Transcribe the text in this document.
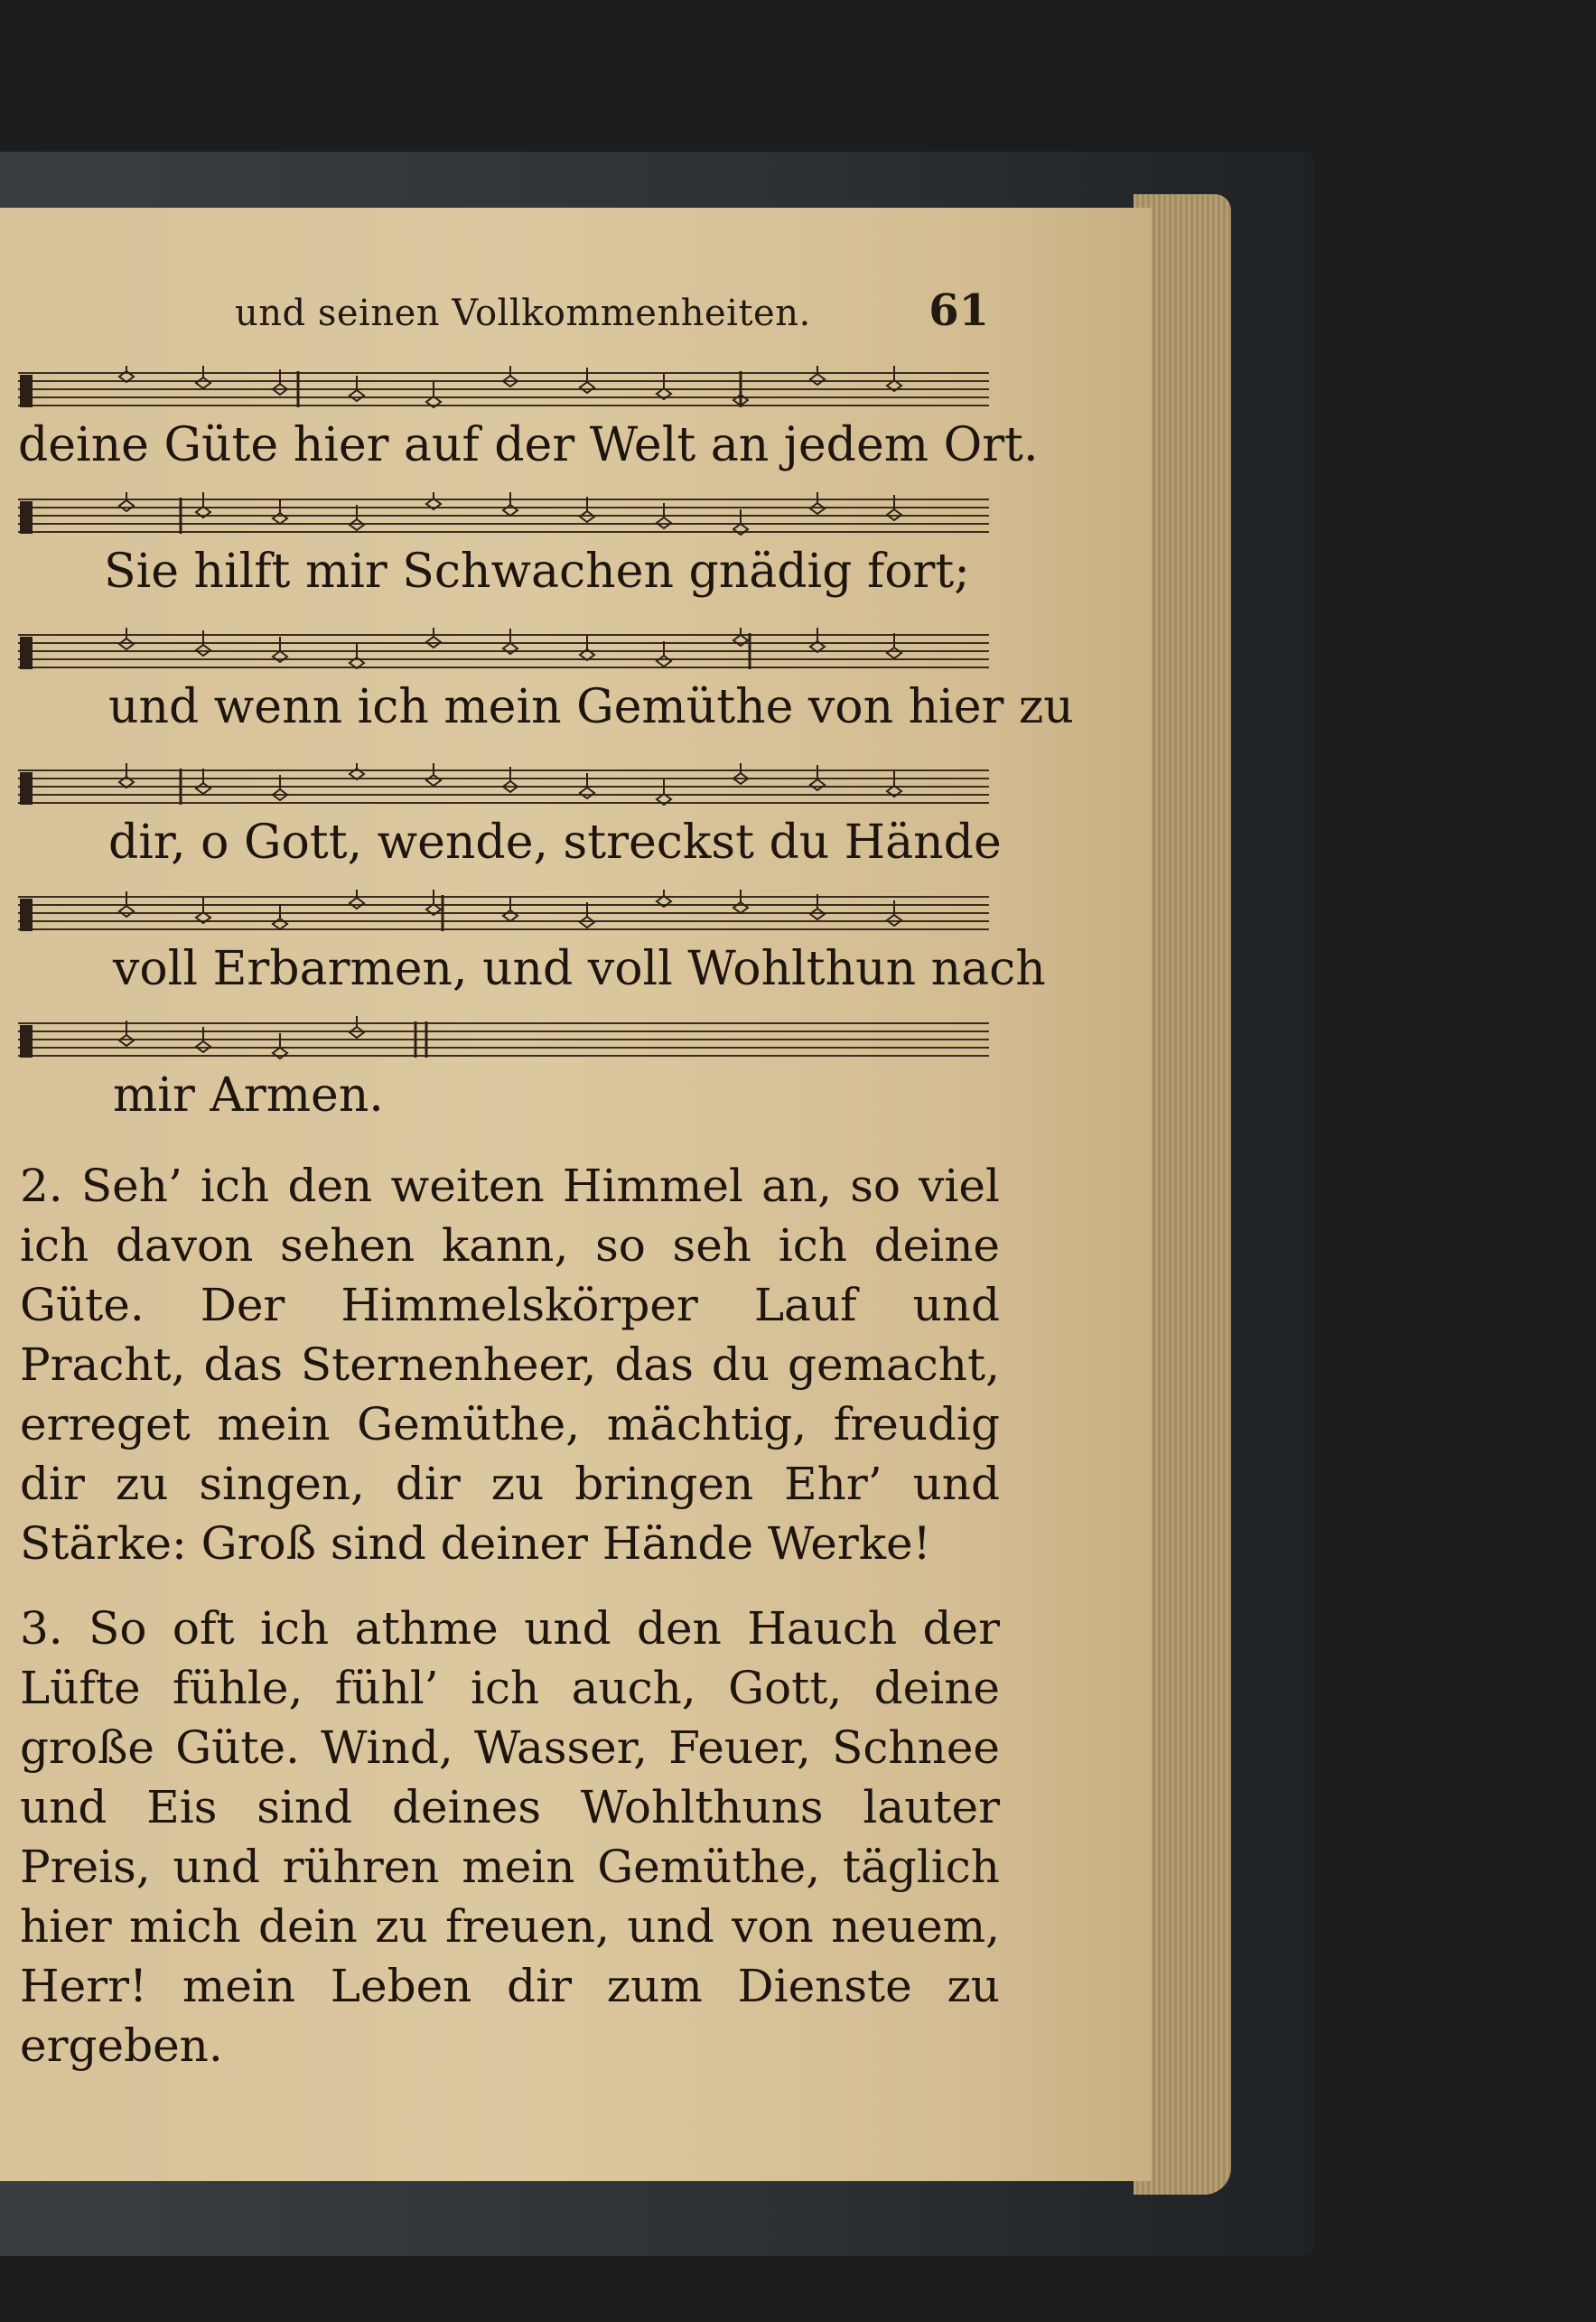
und seinen Vollkommenheiten.	61
deine Güte hier auf der Welt an jedem Ort.
Sie hilft mir Schwachen gnädig fort;
und wenn ich mein Gemüthe von hier zu
dir, o Gott, wende, streckst du Hände
voll Erbarmen, und voll Wohlthun nach
mir Armen.
2. Seh’ ich den weiten Himmel an, so viel ich davon sehen kann, so seh ich deine Güte. Der Himmelskörper Lauf und Pracht, das Sternenheer, das du gemacht, erreget mein Gemüthe, mächtig, freudig dir zu singen, dir zu bringen Ehr’ und Stärke: Groß sind deiner Hände Werke!
3. So oft ich athme und den Hauch der Lüfte fühle, fühl’ ich auch, Gott, deine große Güte. Wind, Wasser, Feuer, Schnee und Eis sind deines Wohlthuns lauter Preis, und rühren mein Gemüthe, täglich hier mich dein zu freuen, und von neuem, Herr! mein Leben dir zum Dienste zu ergeben.
